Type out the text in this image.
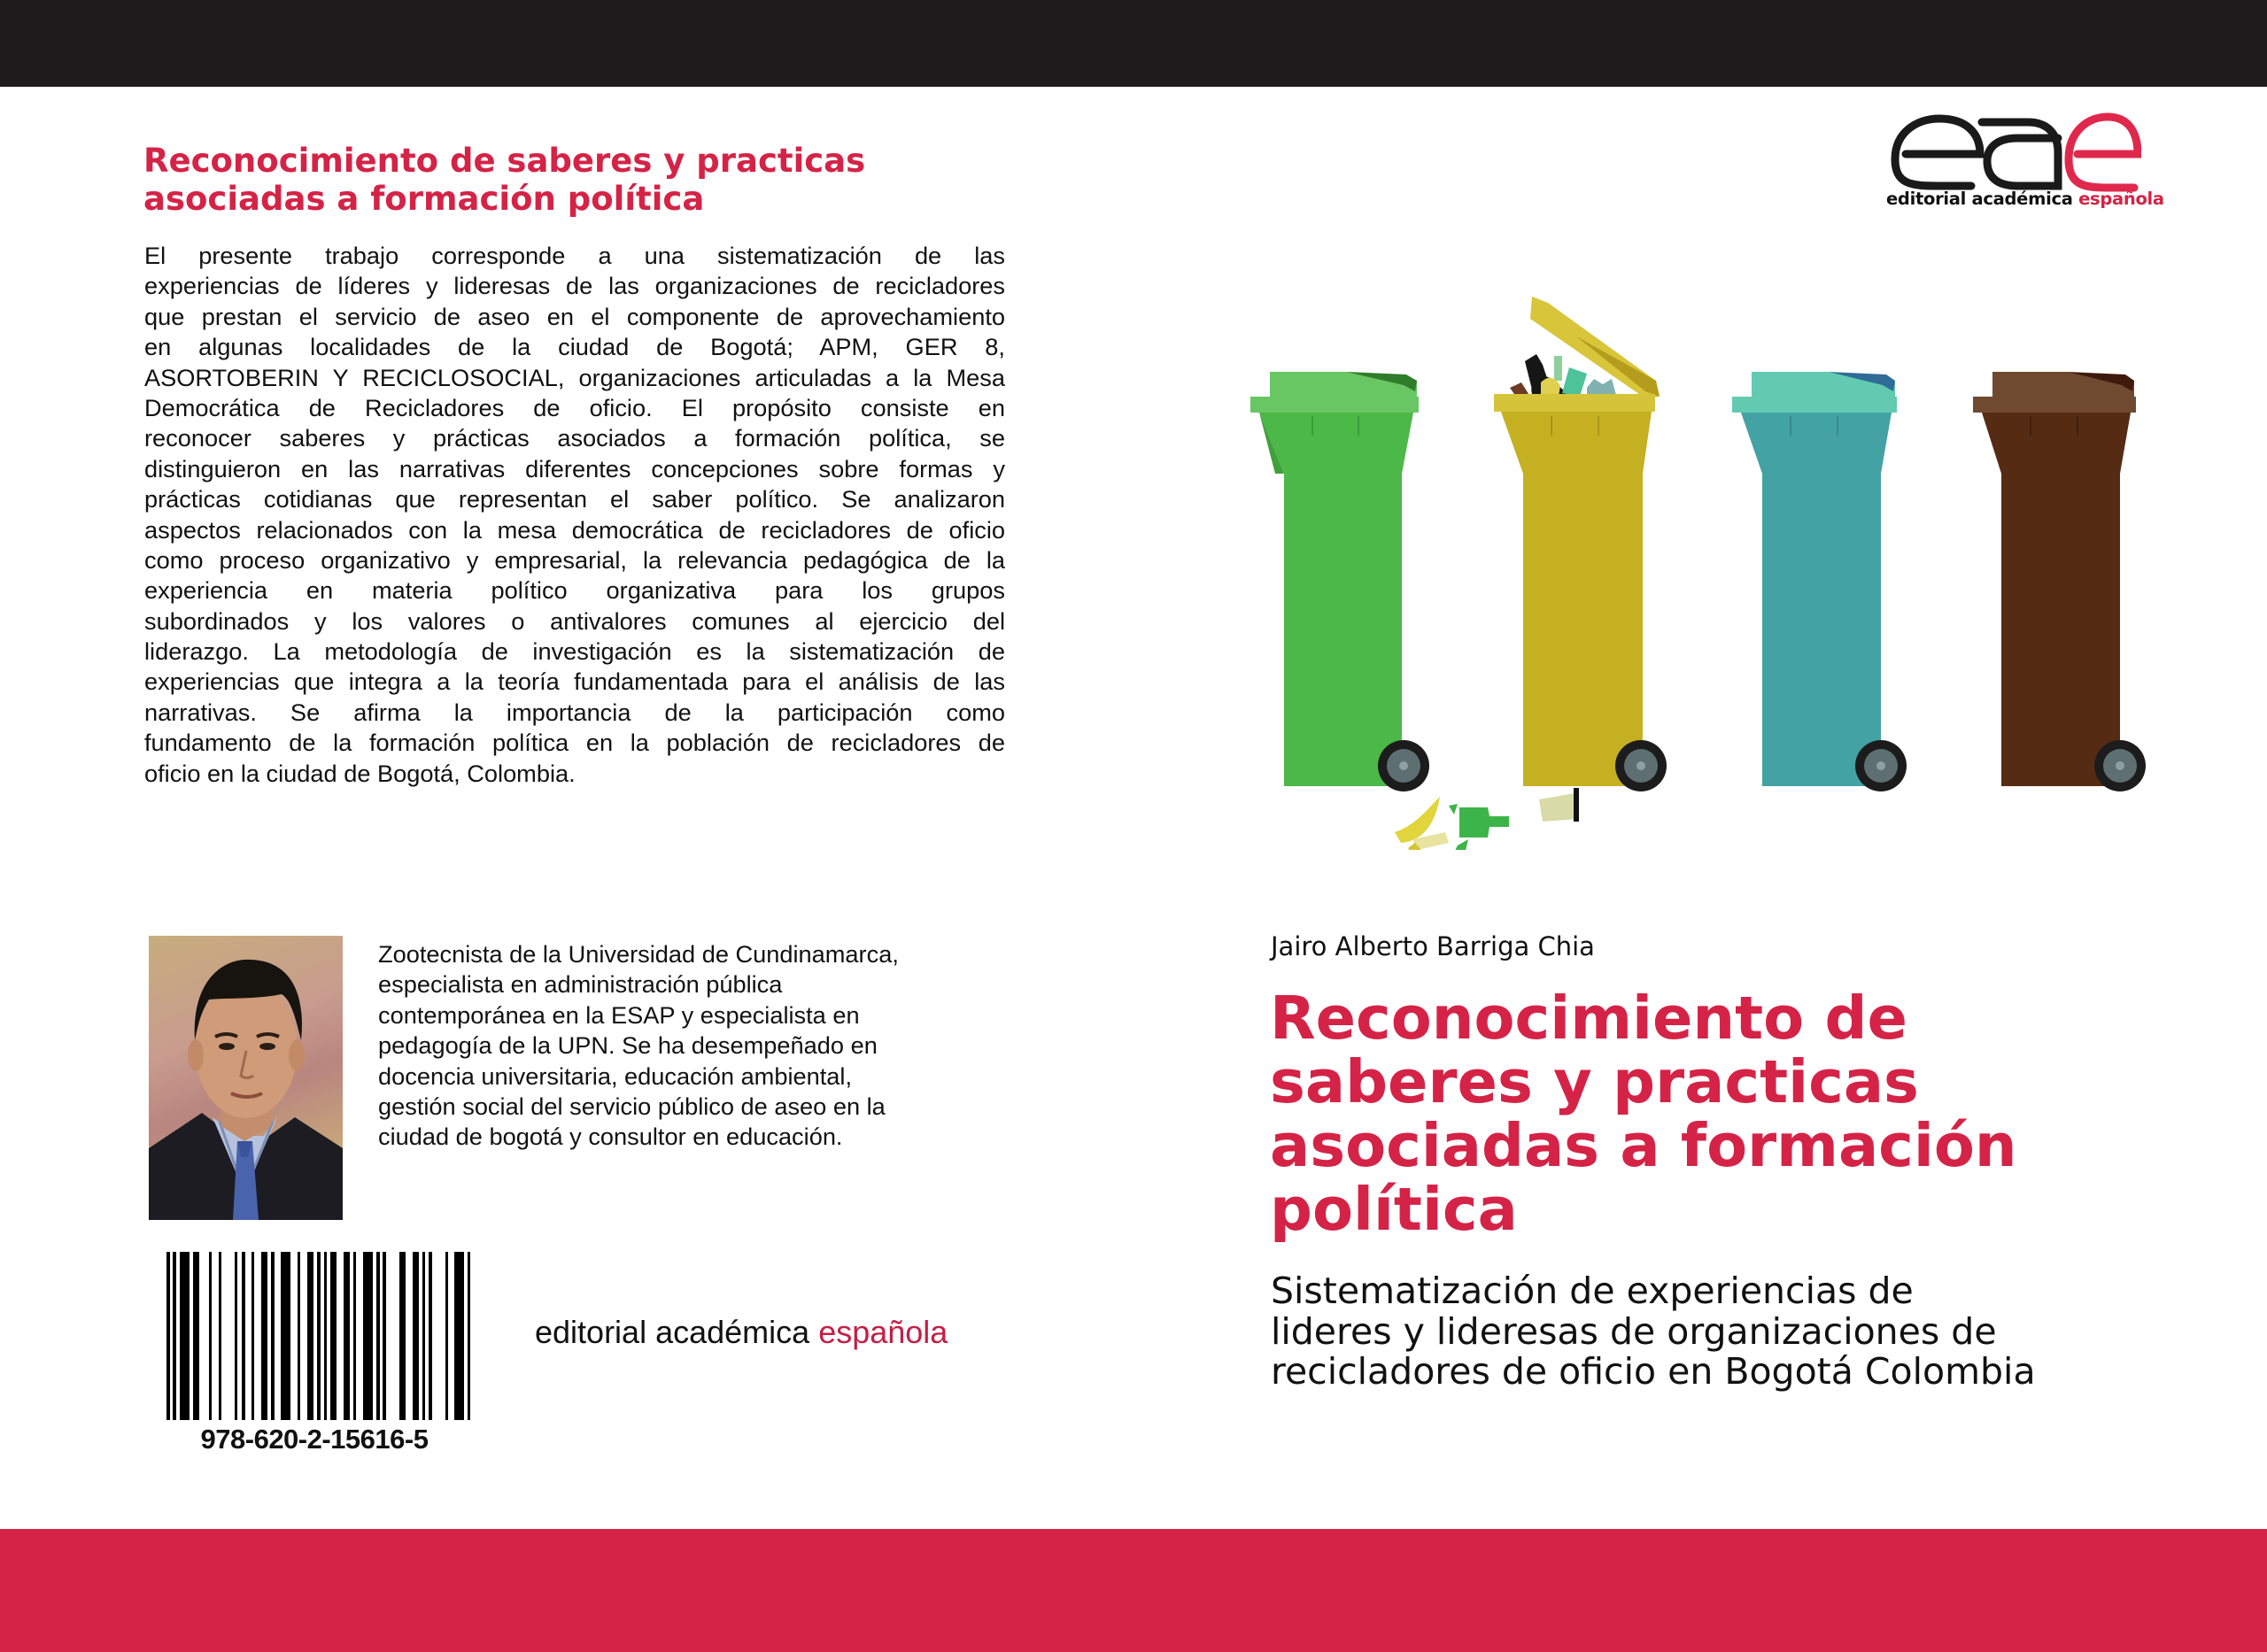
Reconocimiento de saberes y practicas
asociadas a formación política
El presente trabajo corresponde a una sistematización de las
experiencias de líderes y lideresas de las organizaciones de recicladores
que prestan el servicio de aseo en el componente de aprovechamiento
en algunas localidades de la ciudad de Bogotá; APM, GER 8,
ASORTOBERIN Y RECICLOSOCIAL, organizaciones articuladas a la Mesa
Democrática de Recicladores de oficio. El propósito consiste en
reconocer saberes y prácticas asociados a formación política, se
distinguieron en las narrativas diferentes concepciones sobre formas y
prácticas cotidianas que representan el saber político. Se analizaron
aspectos relacionados con la mesa democrática de recicladores de oficio
como proceso organizativo y empresarial, la relevancia pedagógica de la
experiencia en materia político organizativa para los grupos
subordinados y los valores o antivalores comunes al ejercicio del
liderazgo. La metodología de investigación es la sistematización de
experiencias que integra a la teoría fundamentada para el análisis de las
narrativas. Se afirma la importancia de la participación como
fundamento de la formación política en la población de recicladores de
oficio en la ciudad de Bogotá, Colombia.
Zootecnista de la Universidad de Cundinamarca,
especialista en administración pública
contemporánea en la ESAP y especialista en
pedagogía de la UPN. Se ha desempeñado en
docencia universitaria, educación ambiental,
gestión social del servicio público de aseo en la
ciudad de bogotá y consultor en educación.
978-620-2-15616-5
editorial académica española
editorial académica española
Jairo Alberto Barriga Chia
Reconocimiento de
saberes y practicas
asociadas a formación
política
Sistematización de experiencias de
lideres y lideresas de organizaciones de
recicladores de oficio en Bogotá Colombia
